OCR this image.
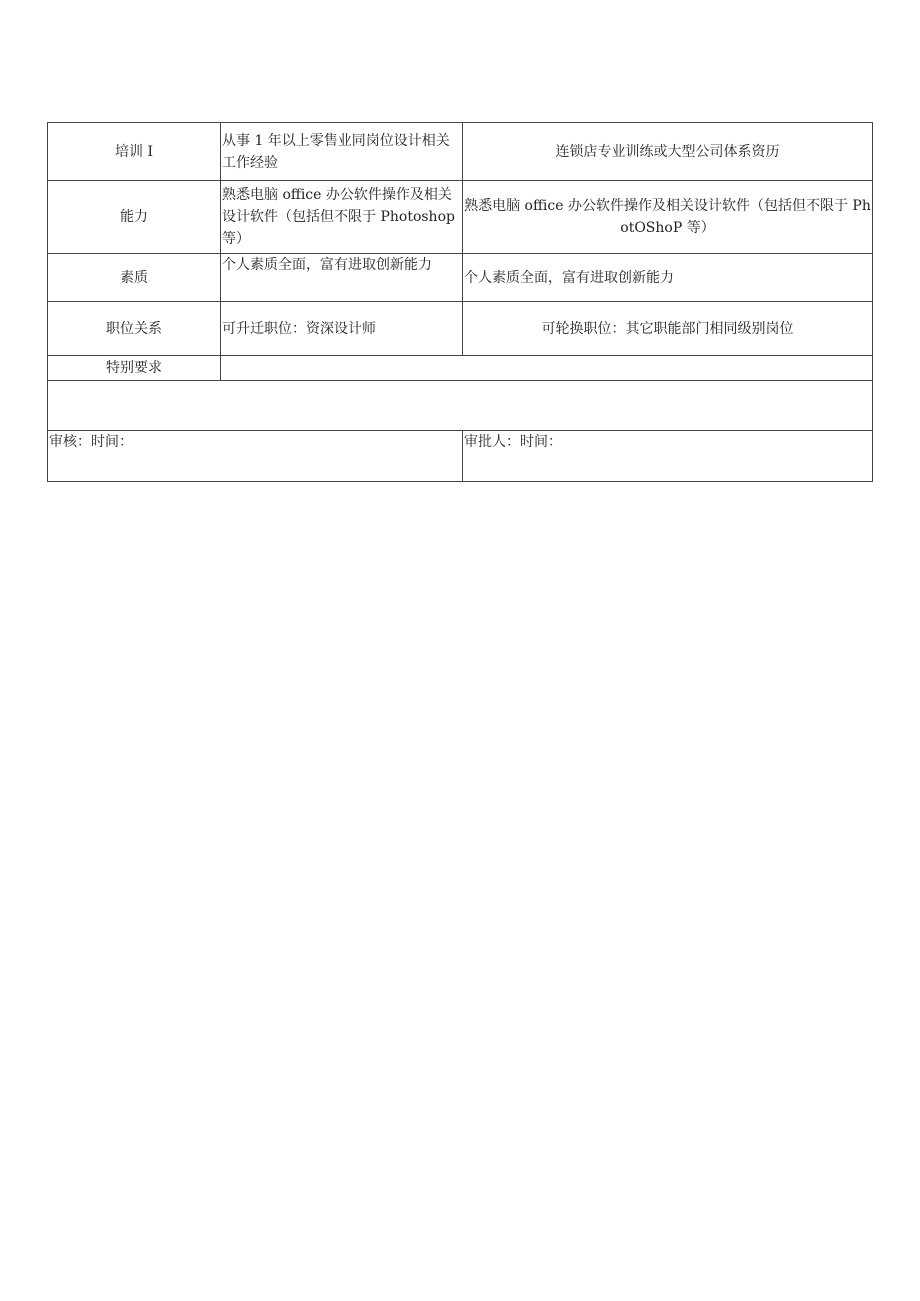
培训 I	从事 1 年以上零售业同岗位设计相关工作经验	连锁店专业训练或大型公司体系资历
能力	熟悉电脑 office 办公软件操作及相关设计软件（包括但不限于 Photoshop 等）	熟悉电脑 office 办公软件操作及相关设计软件（包括但不限于 PhotOShoP 等）
素质	个人素质全面，富有进取创新能力	个人素质全面，富有进取创新能力
职位关系	可升迁职位：资深设计师	可轮换职位：其它职能部门相同级别岗位
特别要求		

审核：时间：		审批人：时间：
